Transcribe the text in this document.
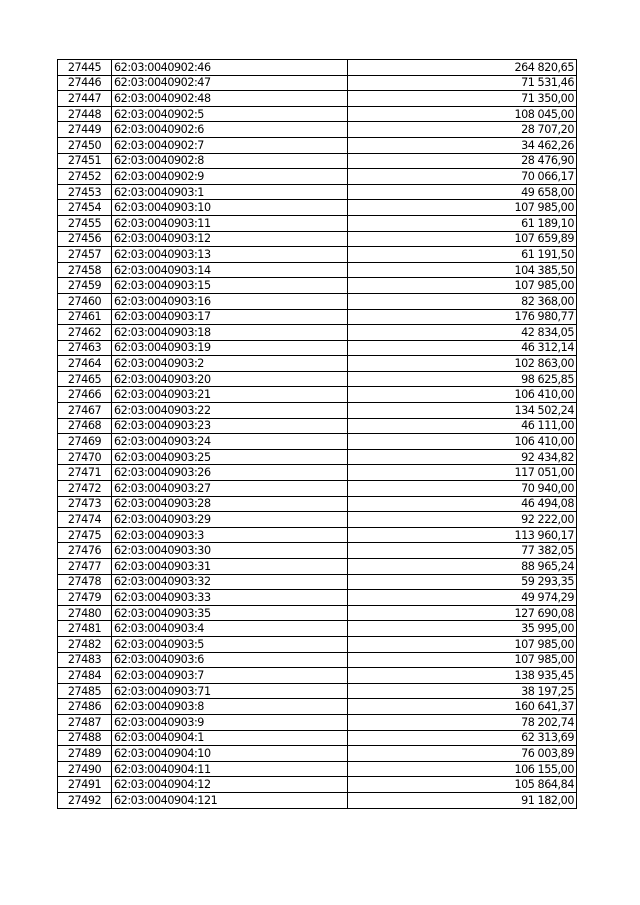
27445	62:03:0040902:46	264 820,65
27446	62:03:0040902:47	71 531,46
27447	62:03:0040902:48	71 350,00
27448	62:03:0040902:5	108 045,00
27449	62:03:0040902:6	28 707,20
27450	62:03:0040902:7	34 462,26
27451	62:03:0040902:8	28 476,90
27452	62:03:0040902:9	70 066,17
27453	62:03:0040903:1	49 658,00
27454	62:03:0040903:10	107 985,00
27455	62:03:0040903:11	61 189,10
27456	62:03:0040903:12	107 659,89
27457	62:03:0040903:13	61 191,50
27458	62:03:0040903:14	104 385,50
27459	62:03:0040903:15	107 985,00
27460	62:03:0040903:16	82 368,00
27461	62:03:0040903:17	176 980,77
27462	62:03:0040903:18	42 834,05
27463	62:03:0040903:19	46 312,14
27464	62:03:0040903:2	102 863,00
27465	62:03:0040903:20	98 625,85
27466	62:03:0040903:21	106 410,00
27467	62:03:0040903:22	134 502,24
27468	62:03:0040903:23	46 111,00
27469	62:03:0040903:24	106 410,00
27470	62:03:0040903:25	92 434,82
27471	62:03:0040903:26	117 051,00
27472	62:03:0040903:27	70 940,00
27473	62:03:0040903:28	46 494,08
27474	62:03:0040903:29	92 222,00
27475	62:03:0040903:3	113 960,17
27476	62:03:0040903:30	77 382,05
27477	62:03:0040903:31	88 965,24
27478	62:03:0040903:32	59 293,35
27479	62:03:0040903:33	49 974,29
27480	62:03:0040903:35	127 690,08
27481	62:03:0040903:4	35 995,00
27482	62:03:0040903:5	107 985,00
27483	62:03:0040903:6	107 985,00
27484	62:03:0040903:7	138 935,45
27485	62:03:0040903:71	38 197,25
27486	62:03:0040903:8	160 641,37
27487	62:03:0040903:9	78 202,74
27488	62:03:0040904:1	62 313,69
27489	62:03:0040904:10	76 003,89
27490	62:03:0040904:11	106 155,00
27491	62:03:0040904:12	105 864,84
27492	62:03:0040904:121	91 182,00
